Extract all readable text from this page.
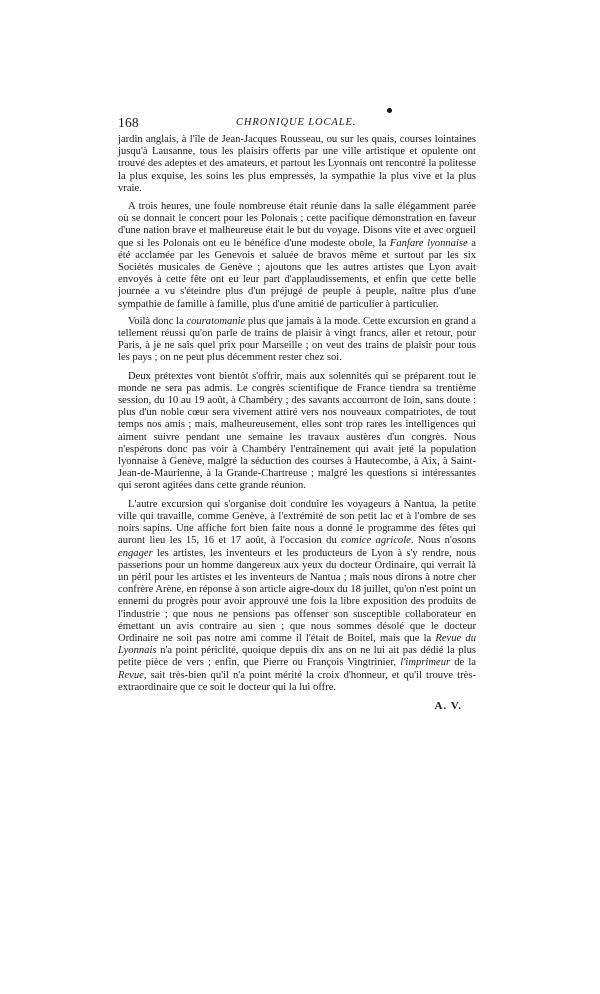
168	CHRONIQUE LOCALE.

jardin anglais, à l'île de Jean-Jacques Rousseau, ou sur les quais, courses lointaines jusqu'à Lausanne, tous les plaisirs offerts par une ville artistique et opulente ont trouvé des adeptes et des amateurs, et partout les Lyonnais ont rencontré la politesse la plus exquise, les soins les plus empressés, la sympathie la plus vive et la plus vraie.

A trois heures, une foule nombreuse était réunie dans la salle élégamment parée où se donnait le concert pour les Polonais ; cette pacifique démonstration en faveur d'une nation brave et malheureuse était le but du voyage. Disons vite et avec orgueil que si les Polonais ont eu le bénéfice d'une modeste obole, la Fanfare lyonnaise a été acclamée par les Genevois et saluée de bravos même et surtout par les six Sociétés musicales de Genève ; ajoutons que les autres artistes que Lyon avait envoyés à cette fête ont eu leur part d'applaudissements, et enfin que cette belle journée a vu s'éteindre plus d'un préjugé de peuple à peuple, naître plus d'une sympathie de famille à famille, plus d'une amitié de particulier à particulier.

Voilà donc la couratomanie plus que jamais à la mode. Cette excursion en grand a tellement réussi qu'on parle de trains de plaisir à vingt francs, aller et retour, pour Paris, à je ne sais quel prix pour Marseille ; on veut des trains de plaisir pour tous les pays ; on ne peut plus décemment rester chez soi.

Deux prétextes vont bientôt s'offrir, mais aux solennités qui se préparent tout le monde ne sera pas admis. Le congrès scientifique de France tiendra sa trentième session, du 10 au 19 août, à Chambéry ; des savants accourront de loin, sans doute : plus d'un noble cœur sera vivement attiré vers nos nouveaux compatriotes, de tout temps nos amis ; mais, malheureusement, elles sont trop rares les intelligences qui aiment suivre pendant une semaine les travaux austères d'un congrès. Nous n'espérons donc pas voir à Chambéry l'entraînement qui avait jeté la population lyonnaise à Genève, malgré la séduction des courses à Hautecombe, à Aix, à Saint-Jean-de-Maurienne, à la Grande-Chartreuse ; malgré les questions si intéressantes qui seront agitées dans cette grande réunion.

L'autre excursion qui s'organise doit conduire les voyageurs à Nantua, la petite ville qui travaille, comme Genève, à l'extrémité de son petit lac et à l'ombre de ses noirs sapins. Une affiche fort bien faite nous a donné le programme des fêtes qui auront lieu les 15, 16 et 17 août, à l'occasion du comice agricole. Nous n'osons engager les artistes, les inventeurs et les producteurs de Lyon à s'y rendre, nous passerions pour un homme dangereux aux yeux du docteur Ordinaire, qui verrait là un péril pour les artistes et les inventeurs de Nantua ; mais nous dirons à notre cher confrère Arène, en réponse à son article aigre-doux du 18 juillet, qu'on n'est point un ennemi du progrès pour avoir approuvé une fois la libre exposition des produits de l'industrie ; que nous ne pensions pas offenser son susceptible collaborateur en émettant un avis contraire au sien ; que nous sommes désolé que le docteur Ordinaire ne soit pas notre ami comme il l'était de Boitel, mais que la Revue du Lyonnais n'a point périclité, quoique depuis dix ans on ne lui ait pas dédié la plus petite pièce de vers ; enfin, que Pierre ou François Vingtrinier, l'imprimeur de la Revue, sait très-bien qu'il n'a point mérité la croix d'honneur, et qu'il trouve très-extraordinaire que ce soit le docteur qui la lui offre.

A. V.
